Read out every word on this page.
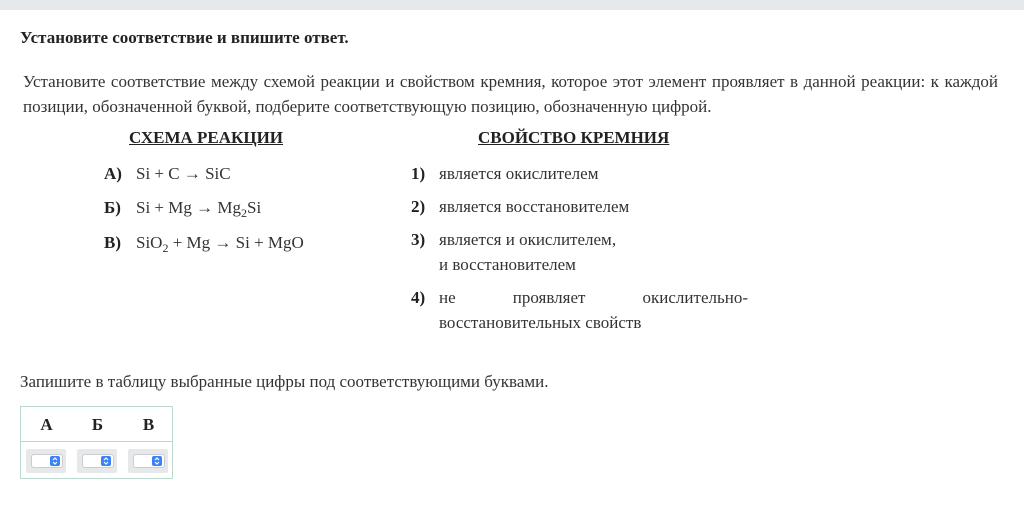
Установите соответствие и впишите ответ.
Установите соответствие между схемой реакции и свойством кремния, которое этот элемент проявляет в данной реакции: к каждой позиции, обозначенной буквой, подберите соответствующую позицию, обозначенную цифрой.
СХЕМА РЕАКЦИИ	СВОЙСТВО КРЕМНИЯ
А) Si + C → SiC
Б) $Si + Mg \to Mg_2Si$
В) SiO$_2$ + Mg → Si + MgO
1) является окислителем
2) является восстановителем
3) является и окислителем,
и восстановителем
4) не	проявляет	окислительно-
восстановительных свойств
Запишите в таблицу выбранные цифры под соответствующими буквами.
А	Б	В
